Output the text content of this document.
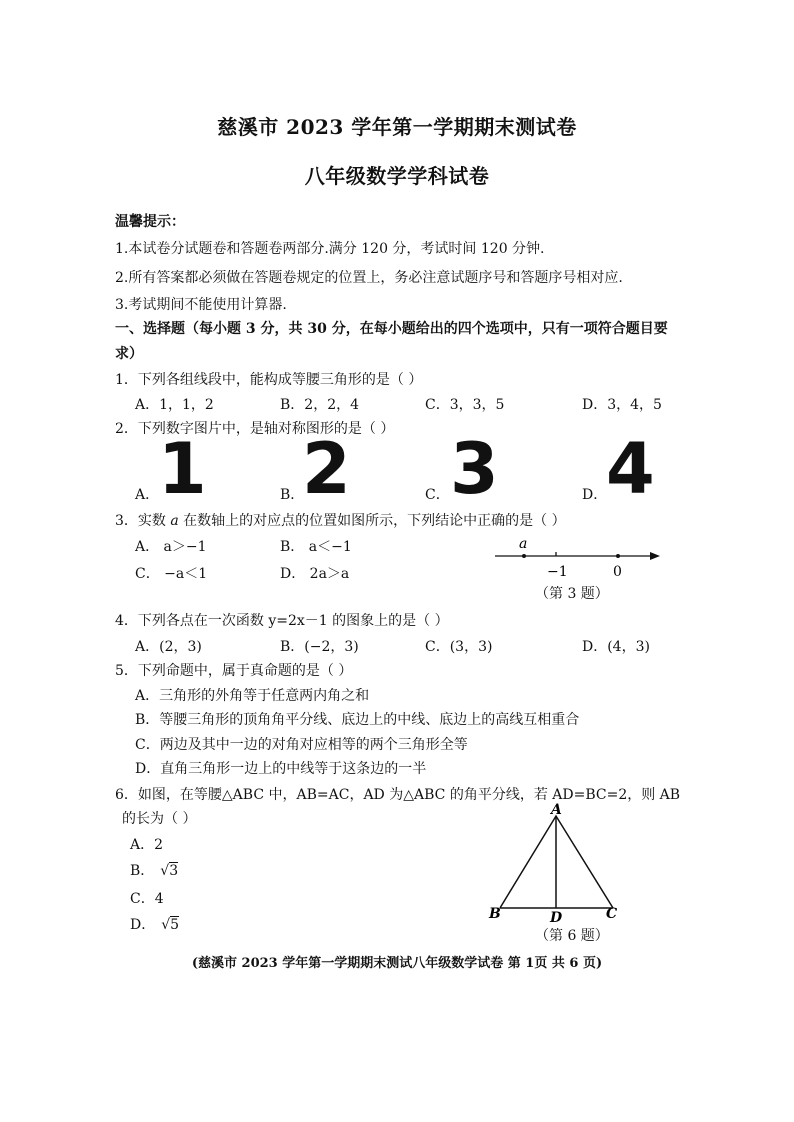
慈溪市 2023 学年第一学期期末测试卷
八年级数学学科试卷
温馨提示：
1.本试卷分试题卷和答题卷两部分.满分 120 分，考试时间 120 分钟.
2.所有答案都必须做在答题卷规定的位置上，务必注意试题序号和答题序号相对应.
3.考试期间不能使用计算器.
一、选择题（每小题 3 分，共 30 分，在每小题给出的四个选项中，只有一项符合题目要
求）
1．下列各组线段中，能构成等腰三角形的是（ ）
A．1，1，2	B．2，2，4	C．3，3，5	D．3，4，5
2．下列数字图片中，是轴对称图形的是（ ）
A．
1	B．
2	C． 3	D．
4
3．实数 a 在数轴上的对应点的位置如图所示，下列结论中正确的是（ ）
A． a＞−1	B． a＜−1
C． −a＜1	D． 2a＞a
a
−1	0
（第 3 题）
4．下列各点在一次函数 y=2x－1 的图象上的是（ ）
A．(2，3)	B．(−2，3)	C．(3，3)	D．(4，3)
5．下列命题中，属于真命题的是（ ）
A．三角形的外角等于任意两内角之和
B．等腰三角形的顶角角平分线、底边上的中线、底边上的高线互相重合
C．两边及其中一边的对角对应相等的两个三角形全等
D．直角三角形一边上的中线等于这条边的一半
6．如图，在等腰△ABC 中，AB=AC，AD 为△ABC 的角平分线，若 AD=BC=2，则 AB
的长为（ ）
A．2
B． √3
C．4
D． √5
A
B	D	C
（第 6 题）
(慈溪市 2023 学年第一学期期末测试八年级数学试卷 第 1页 共 6 页)
